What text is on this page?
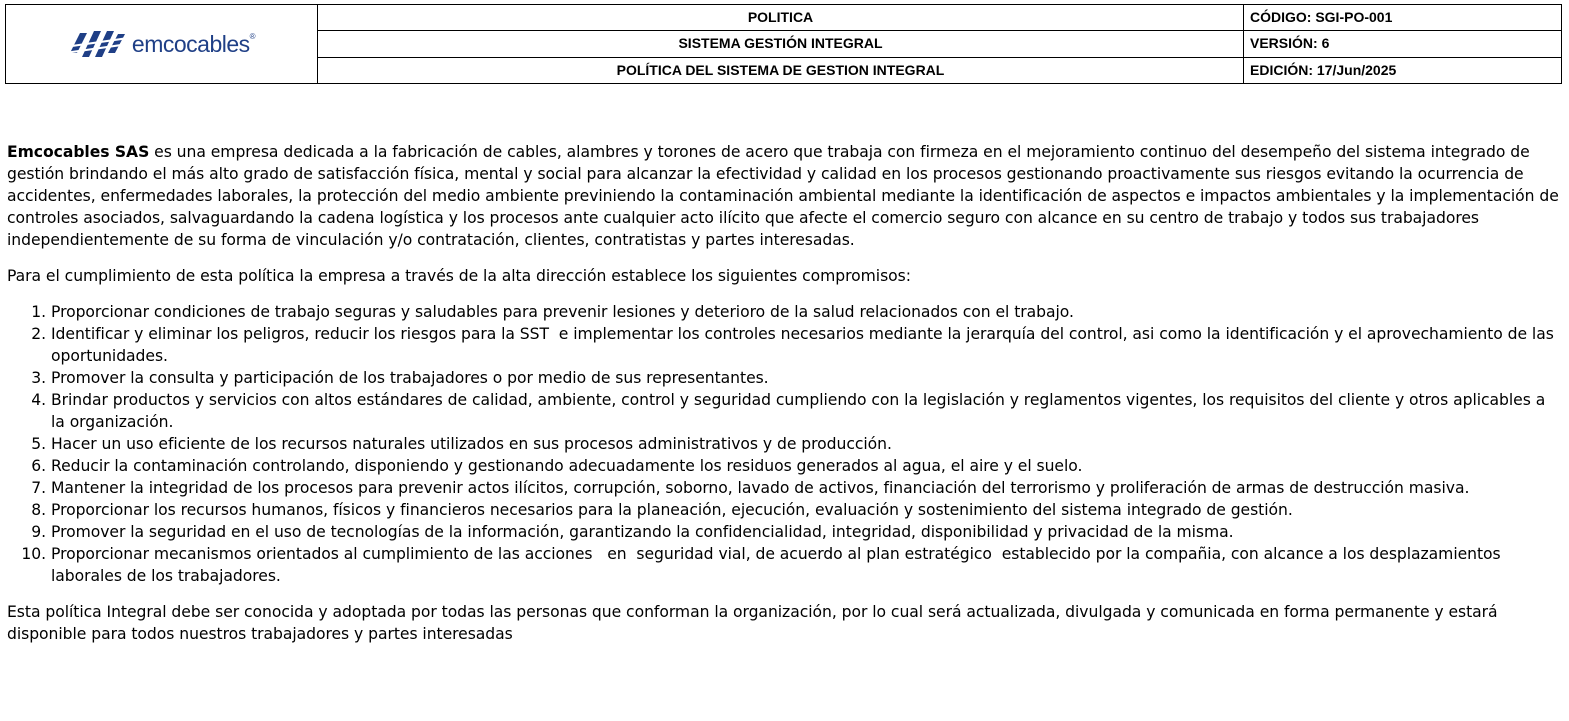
emcocables®	POLITICA	CÓDIGO: SGI-PO-001
	SISTEMA GESTIÓN INTEGRAL	VERSIÓN: 6
	POLÍTICA DEL SISTEMA DE GESTION INTEGRAL	EDICIÓN: 17/Jun/2025

Emcocables SAS es una empresa dedicada a la fabricación de cables, alambres y torones de acero que trabaja con firmeza en el mejoramiento continuo del desempeño del sistema integrado de gestión brindando el más alto grado de satisfacción física, mental y social para alcanzar la efectividad y calidad en los procesos gestionando proactivamente sus riesgos evitando la ocurrencia de accidentes, enfermedades laborales, la protección del medio ambiente previniendo la contaminación ambiental mediante la identificación de aspectos e impactos ambientales y la implementación de controles asociados, salvaguardando la cadena logística y los procesos ante cualquier acto ilícito que afecte el comercio seguro con alcance en su centro de trabajo y todos sus trabajadores independientemente de su forma de vinculación y/o contratación, clientes, contratistas y partes interesadas.

Para el cumplimiento de esta política la empresa a través de la alta dirección establece los siguientes compromisos:

1. Proporcionar condiciones de trabajo seguras y saludables para prevenir lesiones y deterioro de la salud relacionados con el trabajo.
2. Identificar y eliminar los peligros, reducir los riesgos para la SST  e implementar los controles necesarios mediante la jerarquía del control, asi como la identificación y el aprovechamiento de las oportunidades.
3. Promover la consulta y participación de los trabajadores o por medio de sus representantes.
4. Brindar productos y servicios con altos estándares de calidad, ambiente, control y seguridad cumpliendo con la legislación y reglamentos vigentes, los requisitos del cliente y otros aplicables a la organización.
5. Hacer un uso eficiente de los recursos naturales utilizados en sus procesos administrativos y de producción.
6. Reducir la contaminación controlando, disponiendo y gestionando adecuadamente los residuos generados al agua, el aire y el suelo.
7. Mantener la integridad de los procesos para prevenir actos ilícitos, corrupción, soborno, lavado de activos, financiación del terrorismo y proliferación de armas de destrucción masiva.
8. Proporcionar los recursos humanos, físicos y financieros necesarios para la planeación, ejecución, evaluación y sostenimiento del sistema integrado de gestión.
9. Promover la seguridad en el uso de tecnologías de la información, garantizando la confidencialidad, integridad, disponibilidad y privacidad de la misma.
10. Proporcionar mecanismos orientados al cumplimiento de las acciones   en  seguridad vial, de acuerdo al plan estratégico  establecido por la compañia, con alcance a los desplazamientos  laborales de los trabajadores.

Esta política Integral debe ser conocida y adoptada por todas las personas que conforman la organización, por lo cual será actualizada, divulgada y comunicada en forma permanente y estará disponible para todos nuestros trabajadores y partes interesadas
